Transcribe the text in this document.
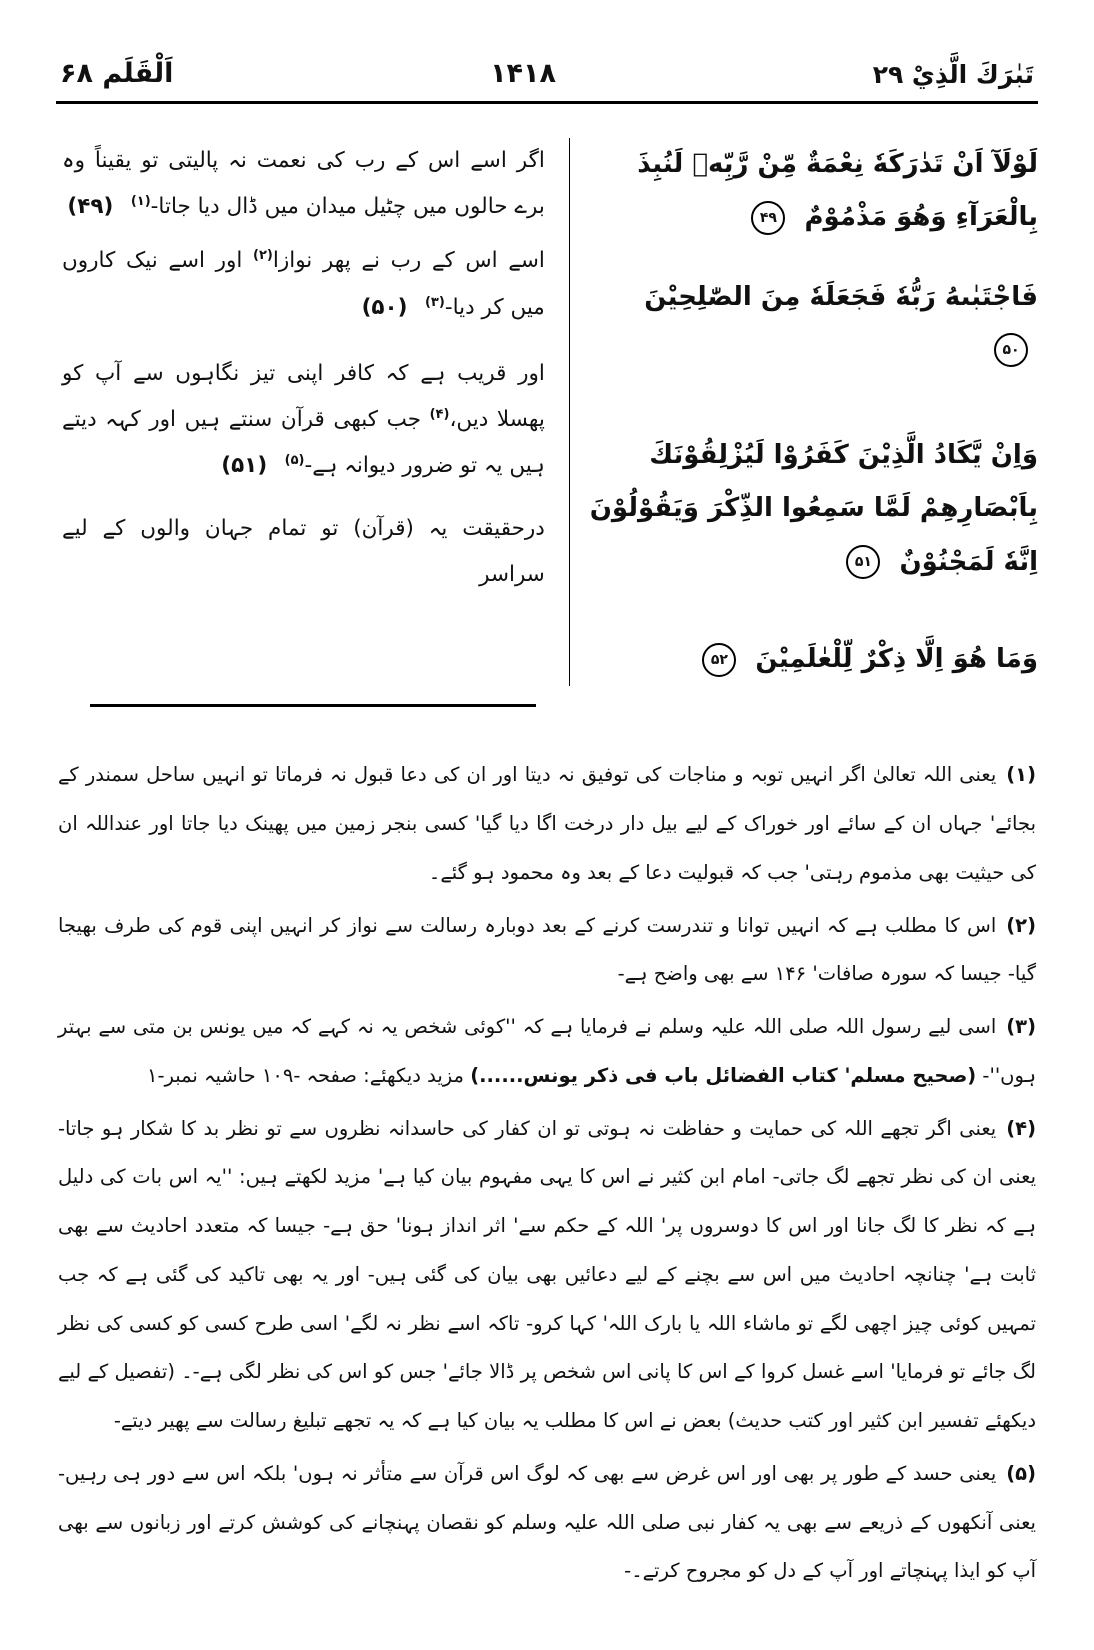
تَبٰرَكَ الَّذِيْ ۲۹
۱۴۱۸
اَلْقَلَم ۶۸
لَوْلَآ اَنْ تَدٰرَكَهٗ نِعْمَةٌ مِّنْ رَّبِّهٖ لَنُبِذَ بِالْعَرَآءِ وَهُوَ مَذْمُوْمٌ ۴۹
فَاجْتَبٰىهُ رَبُّهٗ فَجَعَلَهٗ مِنَ الصّٰلِحِيْنَ ۵۰
وَاِنْ يَّكَادُ الَّذِيْنَ كَفَرُوْا لَيُزْلِقُوْنَكَ بِاَبْصَارِهِمْ لَمَّا سَمِعُوا الذِّكْرَ وَيَقُوْلُوْنَ اِنَّهٗ لَمَجْنُوْنٌ ۵۱
وَمَا هُوَ اِلَّا ذِكْرٌ لِّلْعٰلَمِيْنَ ۵۲
اگر اسے اس کے رب کی نعمت نہ پالیتی تو یقیناً وہ برے حالوں میں چٹیل میدان میں ڈال دیا جاتا-$^{(۱)}$ (۴۹)
اسے اس کے رب نے پھر نوازا$^{(۲)}$ اور اسے نیک کاروں میں کر دیا-$^{(۳)}$ (۵۰)
اور قریب ہے کہ کافر اپنی تیز نگاہوں سے آپ کو پھسلا دیں،$^{(۴)}$ جب کبھی قرآن سنتے ہیں اور کہہ دیتے ہیں یہ تو ضرور دیوانہ ہے-$^{(۵)}$ (۵۱)
درحقیقت یہ (قرآن) تو تمام جہان والوں کے لیے سراسر

(۱)یعنی اللہ تعالیٰ اگر انہیں توبہ و مناجات کی توفیق نہ دیتا اور ان کی دعا قبول نہ فرماتا تو انہیں ساحل سمندر کے بجائے' جہاں ان کے سائے اور خوراک کے لیے بیل دار درخت اگا دیا گیا' کسی بنجر زمین میں پھینک دیا جاتا اور عنداللہ ان کی حیثیت بھی مذموم رہتی' جب کہ قبولیت دعا کے بعد وہ محمود ہو گئے۔

(۲)اس کا مطلب ہے کہ انہیں توانا و تندرست کرنے کے بعد دوبارہ رسالت سے نواز کر انہیں اپنی قوم کی طرف بھیجا گیا- جیسا کہ سورہ صافات' ۱۴۶ سے بھی واضح ہے-

(۳)اسی لیے رسول اللہ صلی اللہ علیہ وسلم نے فرمایا ہے کہ ''کوئی شخص یہ نہ کہے کہ میں یونس بن متی سے بہتر ہوں''- (صحیح مسلم' کتاب الفضائل باب فی ذکر یونس......) مزید دیکھئے: صفحہ -۱۰۹ حاشیہ نمبر-۱

(۴)یعنی اگر تجھے اللہ کی حمایت و حفاظت نہ ہوتی تو ان کفار کی حاسدانہ نظروں سے تو نظر بد کا شکار ہو جاتا- یعنی ان کی نظر تجھے لگ جاتی- امام ابن کثیر نے اس کا یہی مفہوم بیان کیا ہے' مزید لکھتے ہیں: ''یہ اس بات کی دلیل ہے کہ نظر کا لگ جانا اور اس کا دوسروں پر' اللہ کے حکم سے' اثر انداز ہونا' حق ہے- جیسا کہ متعدد احادیث سے بھی ثابت ہے' چنانچہ احادیث میں اس سے بچنے کے لیے دعائیں بھی بیان کی گئی ہیں- اور یہ بھی تاکید کی گئی ہے کہ جب تمہیں کوئی چیز اچھی لگے تو ماشاء اللہ یا بارک اللہ' کہا کرو- تاکہ اسے نظر نہ لگے' اسی طرح کسی کو کسی کی نظر لگ جائے تو فرمایا' اسے غسل کروا کے اس کا پانی اس شخص پر ڈالا جائے' جس کو اس کی نظر لگی ہے-۔ (تفصیل کے لیے دیکھئے تفسیر ابن کثیر اور کتب حدیث) بعض نے اس کا مطلب یہ بیان کیا ہے کہ یہ تجھے تبلیغ رسالت سے پھیر دیتے-

(۵)یعنی حسد کے طور پر بھی اور اس غرض سے بھی کہ لوگ اس قرآن سے متأثر نہ ہوں' بلکہ اس سے دور ہی رہیں- یعنی آنکھوں کے ذریعے سے بھی یہ کفار نبی صلی اللہ علیہ وسلم کو نقصان پہنچانے کی کوشش کرتے اور زبانوں سے بھی آپ کو ایذا پہنچاتے اور آپ کے دل کو مجروح کرتے۔-
